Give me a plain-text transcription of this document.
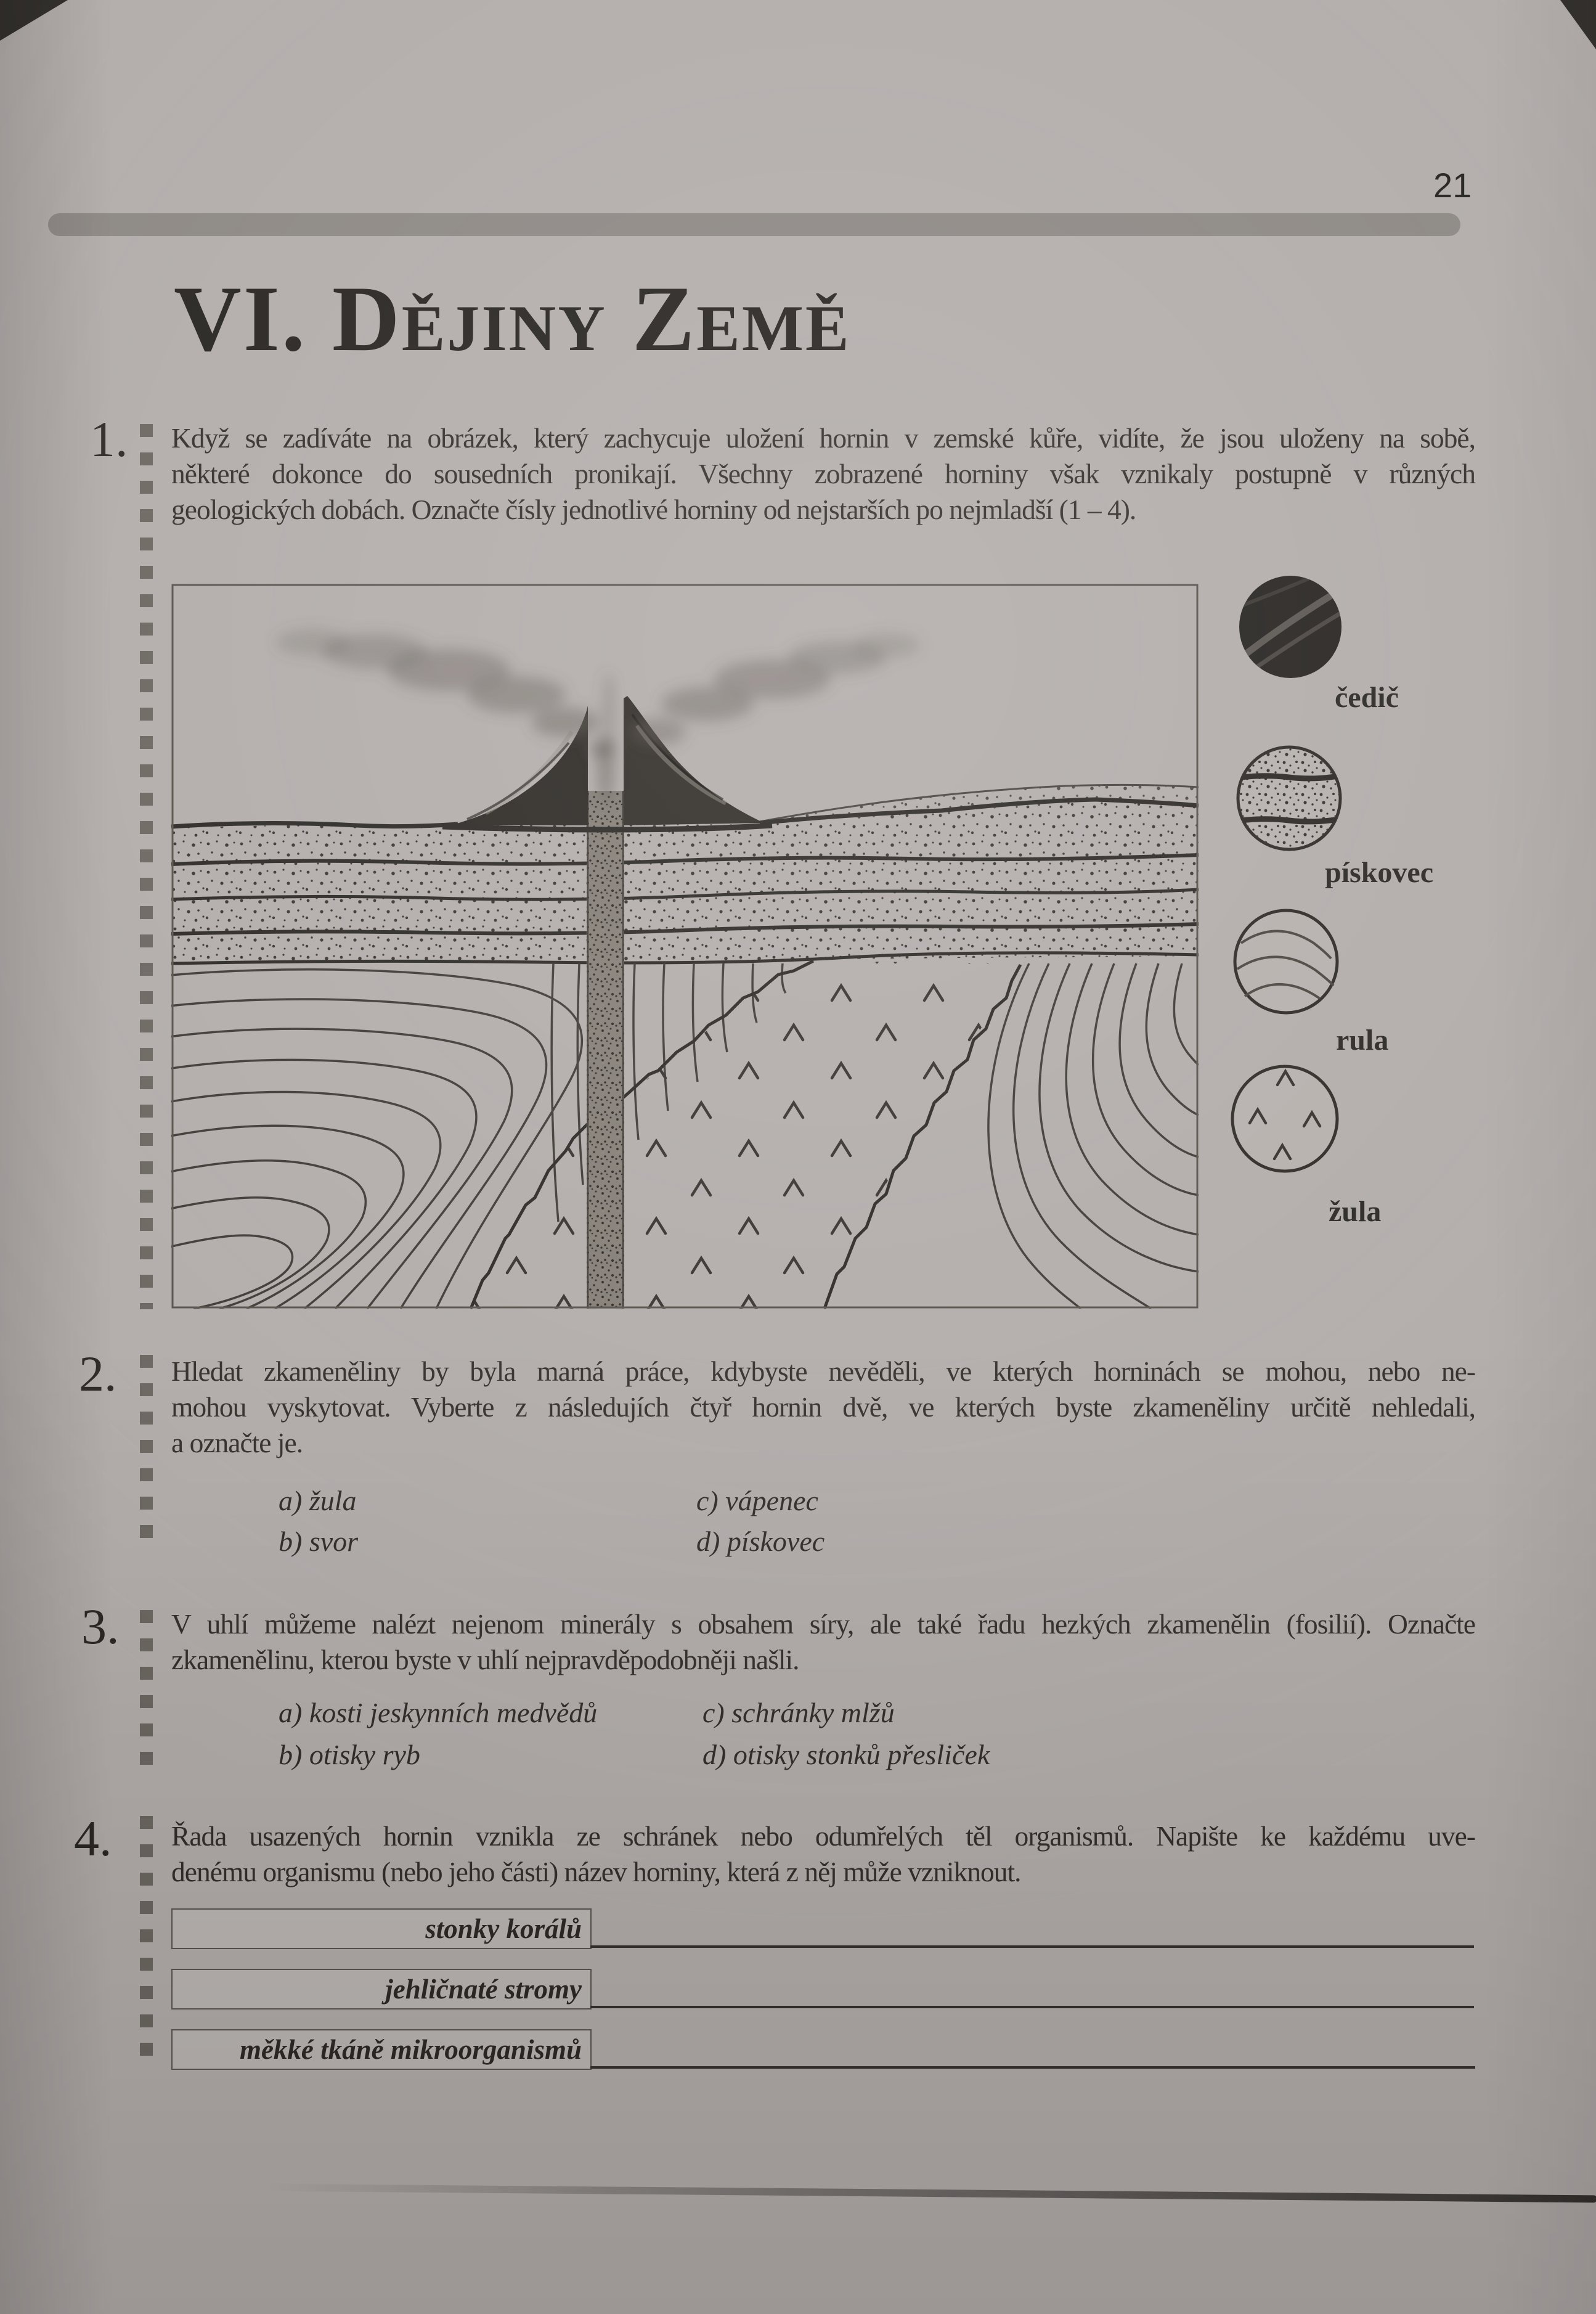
21
VI. Dějiny Země
1. Když se zadíváte na obrázek, který zachycuje uložení hornin v zemské kůře, vidíte, že jsou uloženy na sobě,
některé dokonce do sousedních pronikají. Všechny zobrazené horniny však vznikaly postupně v různých
geologických dobách. Označte čísly jednotlivé horniny od nejstarších po nejmladší (1 – 4).
čedič
pískovec
rula
žula
2. Hledat zkameněliny by byla marná práce, kdybyste nevěděli, ve kterých horninách se mohou, nebo ne-
mohou vyskytovat. Vyberte z následujích čtyř hornin dvě, ve kterých byste zkameněliny určitě nehledali,
a označte je.
a) žula
b) svor
c) vápenec
d) pískovec
3. V uhlí můžeme nalézt nejenom minerály s obsahem síry, ale také řadu hezkých zkamenělin (fosilií). Označte
zkamenělinu, kterou byste v uhlí nejpravděpodobněji našli.
a) kosti jeskynních medvědů
b) otisky ryb
c) schránky mlžů
d) otisky stonků přesliček
4. Řada usazených hornin vznikla ze schránek nebo odumřelých těl organismů. Napište ke každému uve-
denému organismu (nebo jeho části) název horniny, která z něj může vzniknout.
stonky korálů
jehličnaté stromy
měkké tkáně mikroorganismů
